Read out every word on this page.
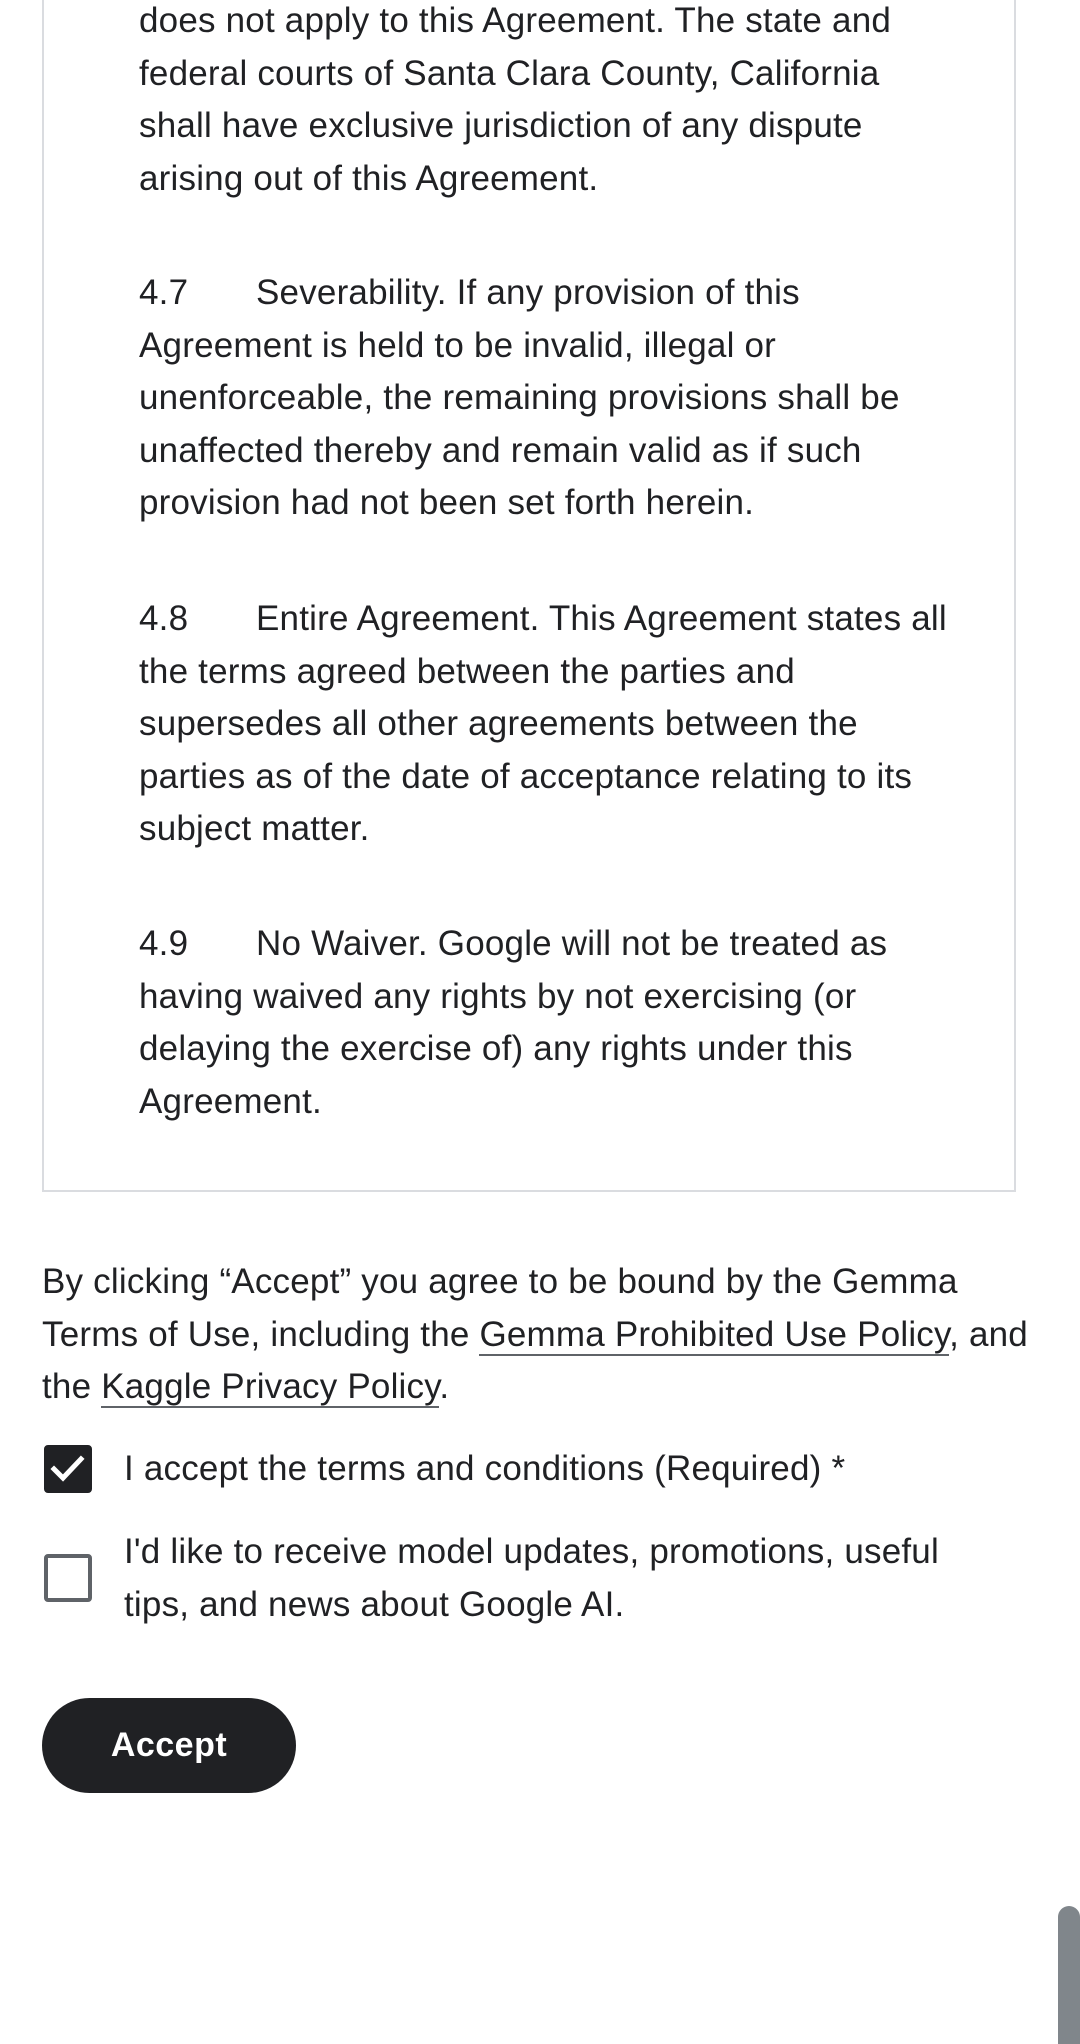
does not apply to this Agreement. The state and federal courts of Santa Clara County, California shall have exclusive jurisdiction of any dispute arising out of this Agreement.
4.7 Severability. If any provision of this Agreement is held to be invalid, illegal or unenforceable, the remaining provisions shall be unaffected thereby and remain valid as if such provision had not been set forth herein.
4.8 Entire Agreement. This Agreement states all the terms agreed between the parties and supersedes all other agreements between the parties as of the date of acceptance relating to its subject matter.
4.9 No Waiver. Google will not be treated as having waived any rights by not exercising (or delaying the exercise of) any rights under this Agreement.
By clicking “Accept” you agree to be bound by the Gemma Terms of Use, including the Gemma Prohibited Use Policy, and the Kaggle Privacy Policy.
I accept the terms and conditions (Required) *
I'd like to receive model updates, promotions, useful tips, and news about Google AI.
Accept
